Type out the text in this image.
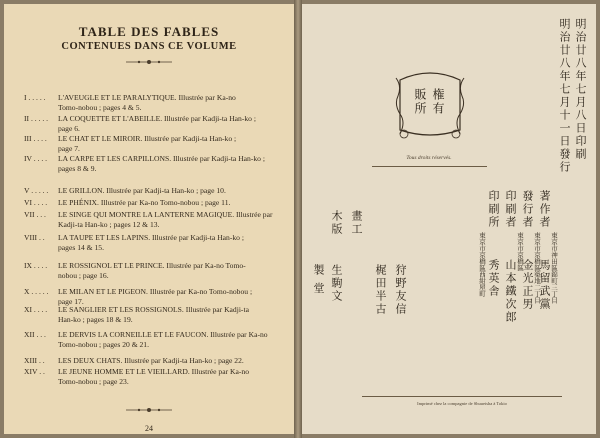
TABLE DES FABLES
CONTENUES DANS CE VOLUME
I . . . . . L'AVEUGLE ET LE PARALYTIQUE. Illustrée par Ka-no
Tomo-nobou ; pages 4 & 5.
II . . . . . LA COQUETTE ET L'ABEILLE. Illustrée par Kadji-ta Han-ko ;
page 6.
III . . . . LE CHAT ET LE MIROIR. Illustrée par Kadji-ta Han-ko ;
page 7.
IV . . . . LA CARPE ET LES CARPILLONS. Illustrée par Kadji-ta Han-ko ;
pages 8 & 9.
V . . . . . LE GRILLON. Illustrée par Kadji-ta Han-ko ; page 10.
VI . . . . LE PHÉNIX. Illustrée par Ka-no Tomo-nobou ; page 11.
VII . . . LE SINGE QUI MONTRE LA LANTERNE MAGIQUE. Illustrée par
Kadji-ta Han-ko ; pages 12 & 13.
VIII . . LA TAUPE ET LES LAPINS. Illustrée par Kadji-ta Han-ko ;
pages 14 & 15.
IX . . . . LE ROSSIGNOL ET LE PRINCE. Illustrée par Ka-no Tomo-
nobou ; page 16.
X . . . . . LE MILAN ET LE PIGEON. Illustrée par Ka-no Tomo-nobou ;
page 17.
XI . . . . LE SANGLIER ET LES ROSSIGNOLS. Illustrée par Kadji-ta
Han-ko ; pages 18 & 19.
XII . . . LE DERVIS LA CORNEILLE ET LE FAUCON. Illustrée par Ka-no
Tomo-nobou ; pages 20 & 21.
XIII . . LES DEUX CHATS. Illustrée par Kadji-ta Han-ko ; page 22.
XIV . . LE JEUNE HOMME ET LE VIEILLARD. Illustrée par Ka-no
Tomo-nobou ; page 23.
24
権有
販所
Tous droits réservés.	明治廿八年七月八日印刷
明治廿八年七月十一日發行
著作者
發行者
印刷者
印刷所
東京市神田區錦町三丁目
馬留武黨
東京市京橋區築地二丁目
金光正男
東京市京橋區
山本鐵次郎
東京市京橋區西紺屋町 秀英舎
畫工
木版
狩野友信
梶田半古
生駒文
製 堂
Imprimé chez la compagnie de Shuueisha à Tokio
